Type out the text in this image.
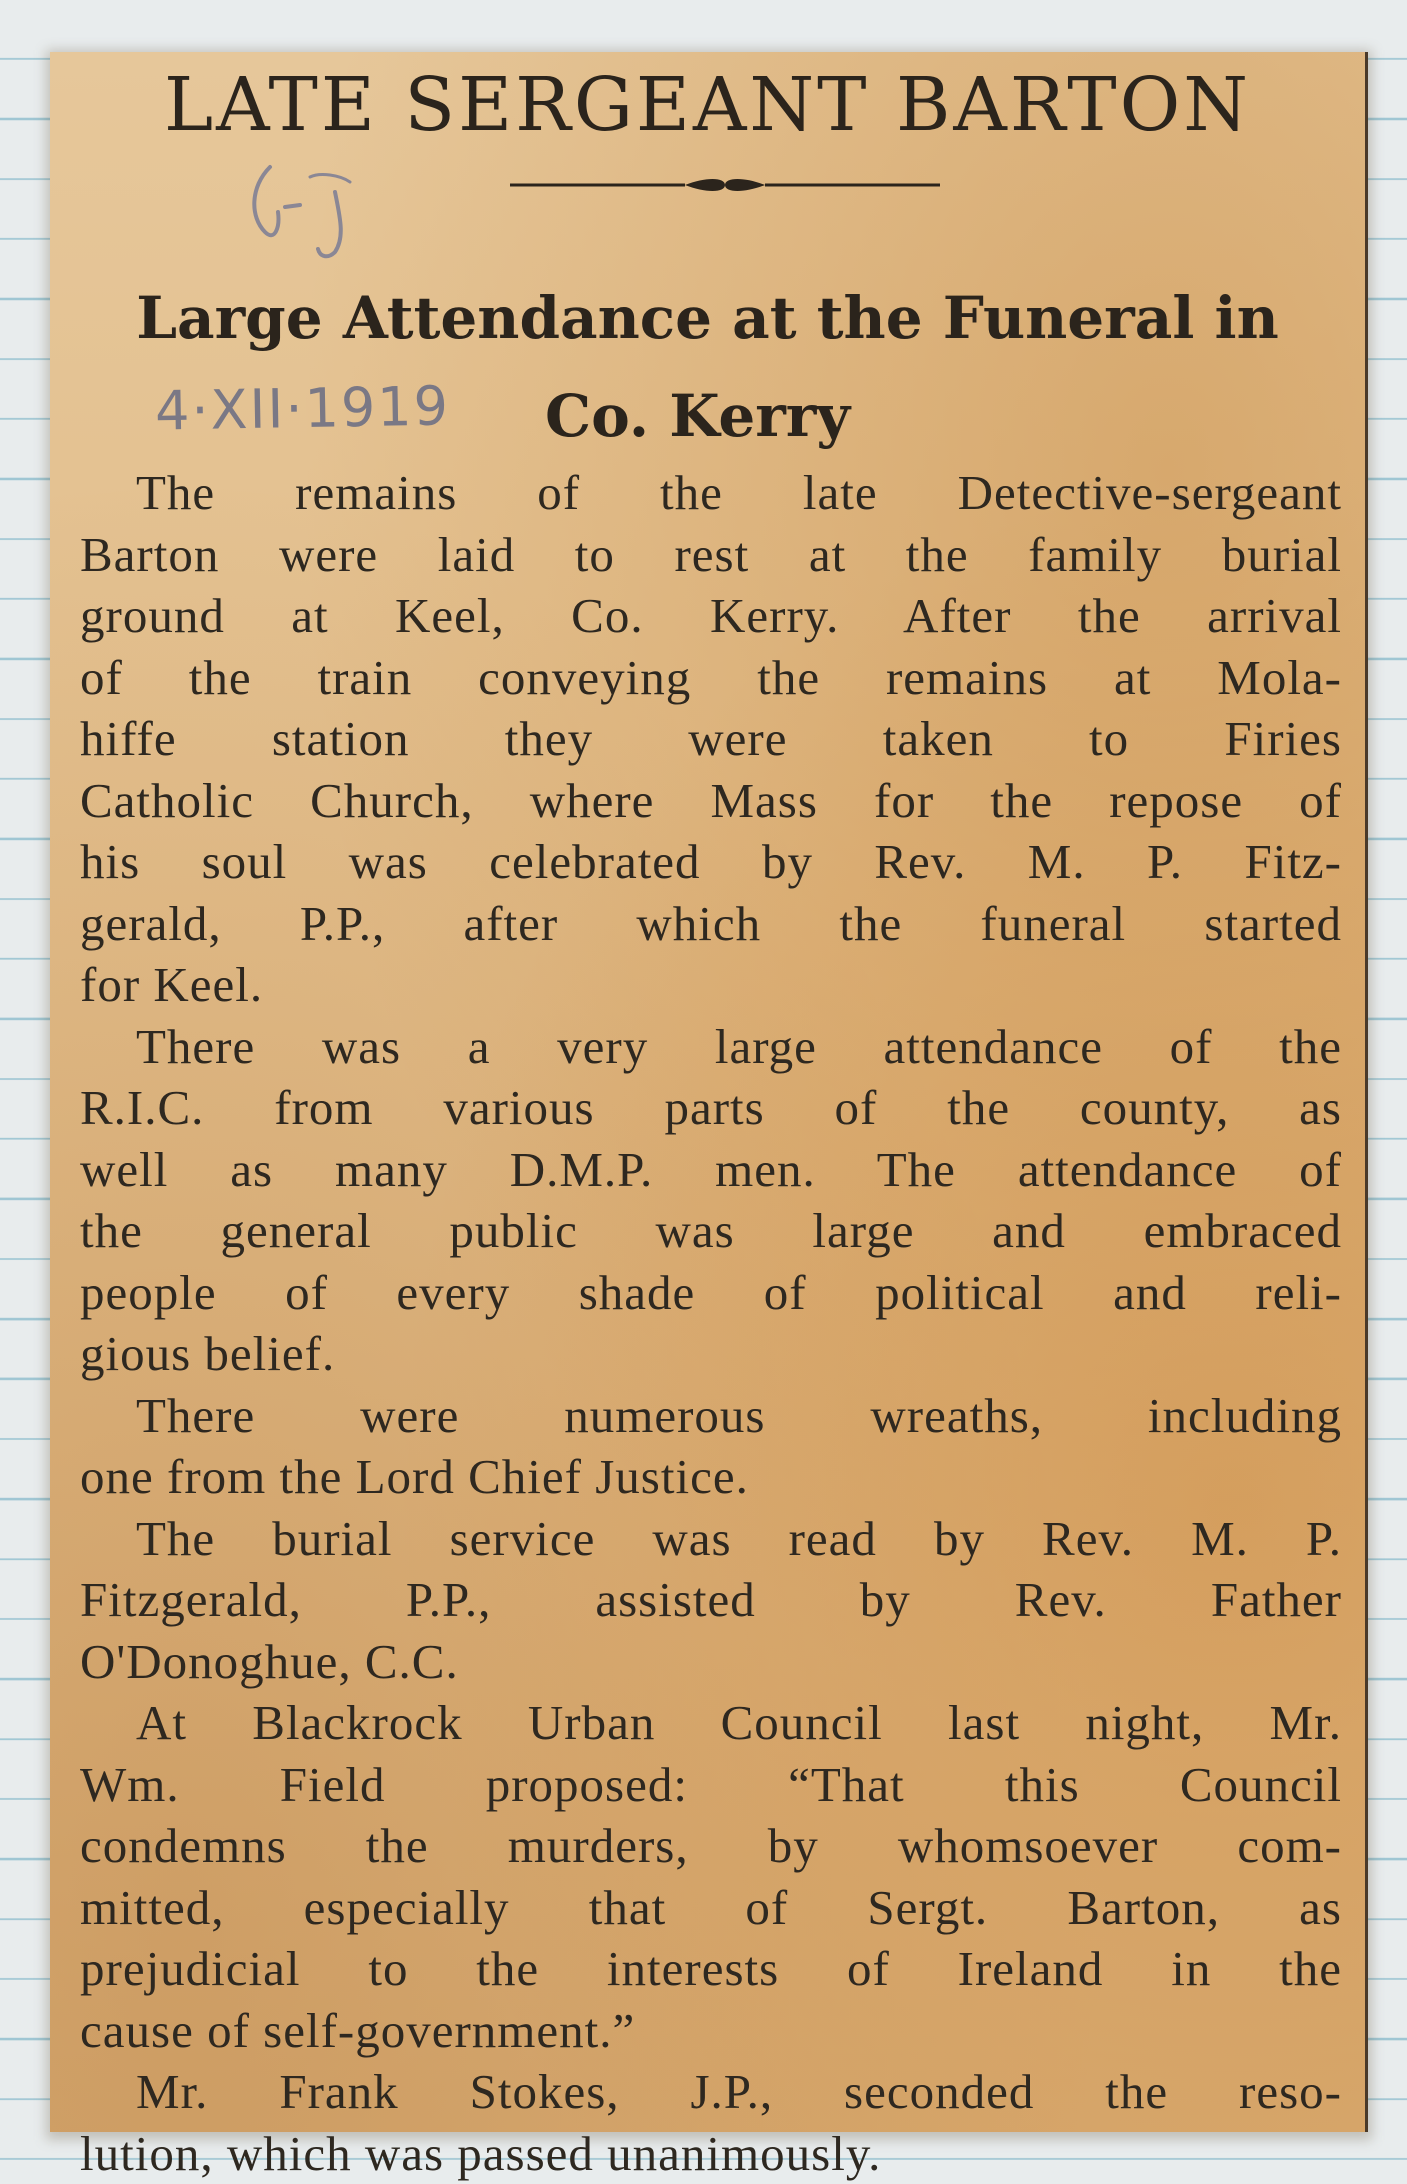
LATE SERGEANT BARTON
Large Attendance at the Funeral in
4·XII·1919 Co. Kerry
The remains of the late Detective-sergeant
Barton were laid to rest at the family burial
ground at Keel, Co. Kerry. After the arrival
of the train conveying the remains at Mola-
hiffe station they were taken to Firies
Catholic Church, where Mass for the repose of
his soul was celebrated by Rev. M. P. Fitz-
gerald, P.P., after which the funeral started
for Keel.
There was a very large attendance of the
R.I.C. from various parts of the county, as
well as many D.M.P. men. The attendance of
the general public was large and embraced
people of every shade of political and reli-
gious belief.
There were numerous wreaths, including
one from the Lord Chief Justice.
The burial service was read by Rev. M. P.
Fitzgerald, P.P., assisted by Rev. Father
O'Donoghue, C.C.
At Blackrock Urban Council last night, Mr.
Wm. Field proposed: “That this Council
condemns the murders, by whomsoever com-
mitted, especially that of Sergt. Barton, as
prejudicial to the interests of Ireland in the
cause of self-government.”
Mr. Frank Stokes, J.P., seconded the reso-
lution, which was passed unanimously.
